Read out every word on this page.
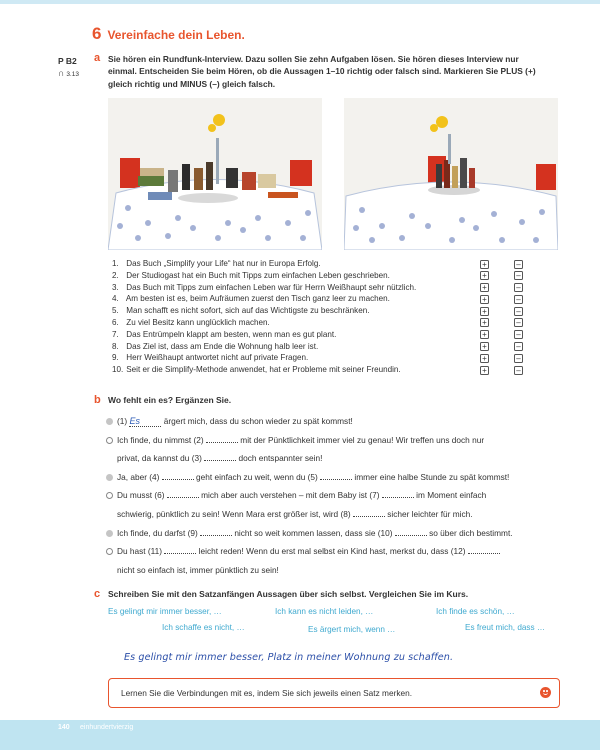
6 Vereinfache dein Leben.
P B2
∩ 3.13
a Sie hören ein Rundfunk-Interview. Dazu sollen Sie zehn Aufgaben lösen. Sie hören dieses Interview nur einmal. Entscheiden Sie beim Hören, ob die Aussagen 1–10 richtig oder falsch sind. Markieren Sie PLUS (+) gleich richtig und MINUS (–) gleich falsch.
1. Das Buch „Simplify your Life“ hat nur in Europa Erfolg.	+	–
2. Der Studiogast hat ein Buch mit Tipps zum einfachen Leben geschrieben.	+	–
3. Das Buch mit Tipps zum einfachen Leben war für Herrn Weißhaupt sehr nützlich.	+	–
4. Am besten ist es, beim Aufräumen zuerst den Tisch ganz leer zu machen.	+	–
5. Man schafft es nicht sofort, sich auf das Wichtigste zu beschränken.	+	–
6. Zu viel Besitz kann unglücklich machen.	+	–
7. Das Entrümpeln klappt am besten, wenn man es gut plant.	+	–
8. Das Ziel ist, dass am Ende die Wohnung halb leer ist.	+	–
9. Herr Weißhaupt antwortet nicht auf private Fragen.	+	–
10. Seit er die Simplify-Methode anwendet, hat er Probleme mit seiner Freundin.	+	–
b Wo fehlt ein es? Ergänzen Sie.
(1) Es	ärgert mich, dass du schon wieder zu spät kommst!
Ich finde, du nimmst (2)	mit der Pünktlichkeit immer viel zu genau! Wir treffen uns doch nur
privat, da kannst du (3)	doch entspannter sein!
Ja, aber (4)	geht einfach zu weit, wenn du (5)	immer eine halbe Stunde zu spät kommst!
Du musst (6)	mich aber auch verstehen – mit dem Baby ist (7)	im Moment einfach
schwierig, pünktlich zu sein! Wenn Mara erst größer ist, wird (8)	sicher leichter für mich.
Ich finde, du darfst (9)	nicht so weit kommen lassen, dass sie (10)	so über dich bestimmt.
Du hast (11)	leicht reden! Wenn du erst mal selbst ein Kind hast, merkst du, dass (12)
nicht so einfach ist, immer pünktlich zu sein!
c Schreiben Sie mit den Satzanfängen Aussagen über sich selbst. Vergleichen Sie im Kurs.
Es gelingt mir immer besser, …	Ich kann es nicht leiden, …	Ich finde es schön, …
Ich schaffe es nicht, …	Es ärgert mich, wenn …	Es freut mich, dass …
Es gelingt mir immer besser, Platz in meiner Wohnung zu schaffen.
Lernen Sie die Verbindungen mit es, indem Sie sich jeweils einen Satz merken.
140 einhundertvierzig
